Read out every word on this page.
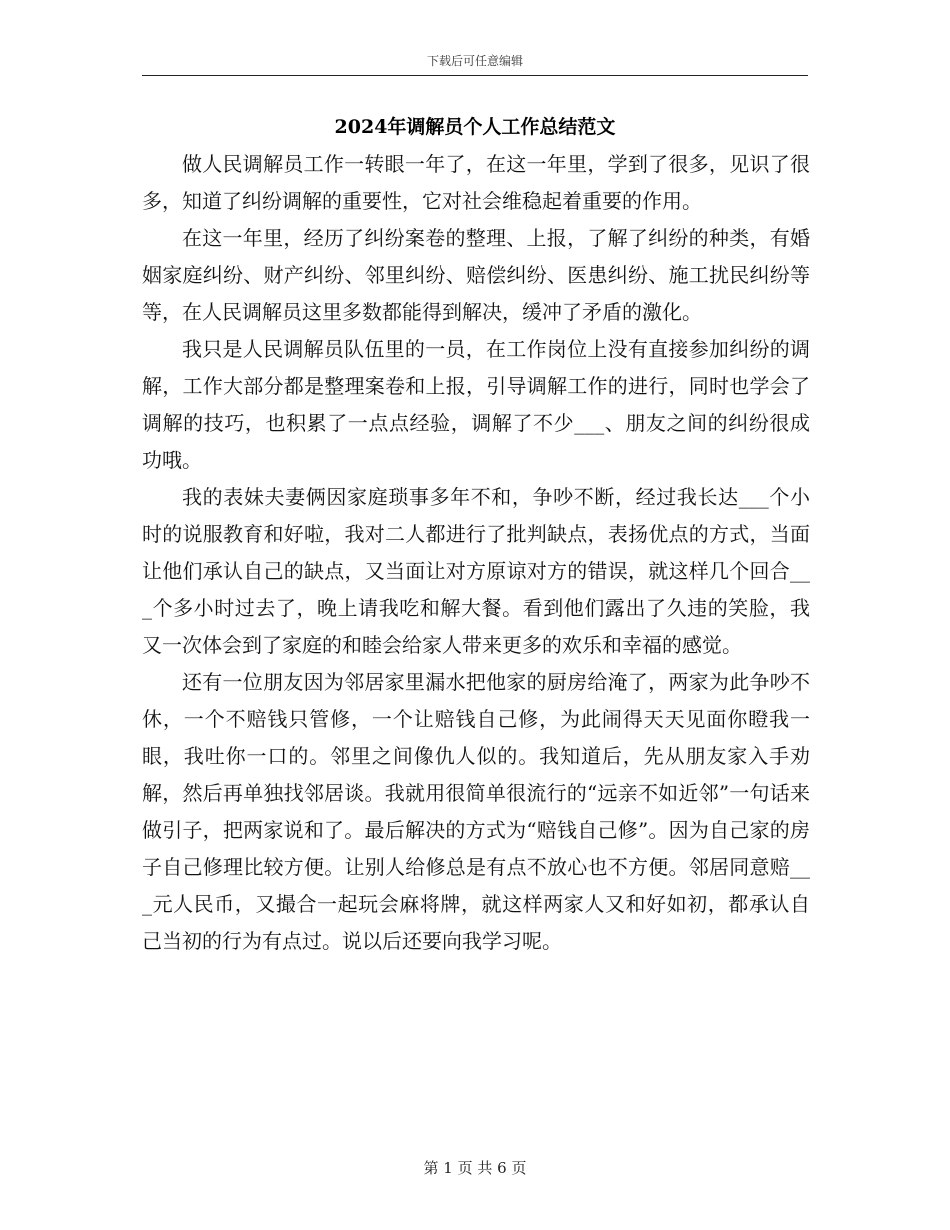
下载后可任意编辑
2024年调解员个人工作总结范文

做人民调解员工作一转眼一年了，在这一年里，学到了很多，见识了很多，知道了纠纷调解的重要性，它对社会维稳起着重要的作用。

在这一年里，经历了纠纷案卷的整理、上报，了解了纠纷的种类，有婚姻家庭纠纷、财产纠纷、邻里纠纷、赔偿纠纷、医患纠纷、施工扰民纠纷等等，在人民调解员这里多数都能得到解决，缓冲了矛盾的激化。

我只是人民调解员队伍里的一员，在工作岗位上没有直接参加纠纷的调解，工作大部分都是整理案卷和上报，引导调解工作的进行，同时也学会了调解的技巧，也积累了一点点经验，调解了不少___、朋友之间的纠纷很成功哦。

我的表妹夫妻俩因家庭琐事多年不和，争吵不断，经过我长达___个小时的说服教育和好啦，我对二人都进行了批判缺点，表扬优点的方式，当面让他们承认自己的缺点，又当面让对方原谅对方的错误，就这样几个回合___个多小时过去了，晚上请我吃和解大餐。看到他们露出了久违的笑脸，我又一次体会到了家庭的和睦会给家人带来更多的欢乐和幸福的感觉。

还有一位朋友因为邻居家里漏水把他家的厨房给淹了，两家为此争吵不休，一个不赔钱只管修，一个让赔钱自己修，为此闹得天天见面你瞪我一眼，我吐你一口的。邻里之间像仇人似的。我知道后，先从朋友家入手劝解，然后再单独找邻居谈。我就用很简单很流行的“远亲不如近邻”一句话来做引子，把两家说和了。最后解决的方式为“赔钱自己修”。因为自己家的房子自己修理比较方便。让别人给修总是有点不放心也不方便。邻居同意赔___元人民币，又撮合一起玩会麻将牌，就这样两家人又和好如初，都承认自己当初的行为有点过。说以后还要向我学习呢。

第 1 页 共 6 页
